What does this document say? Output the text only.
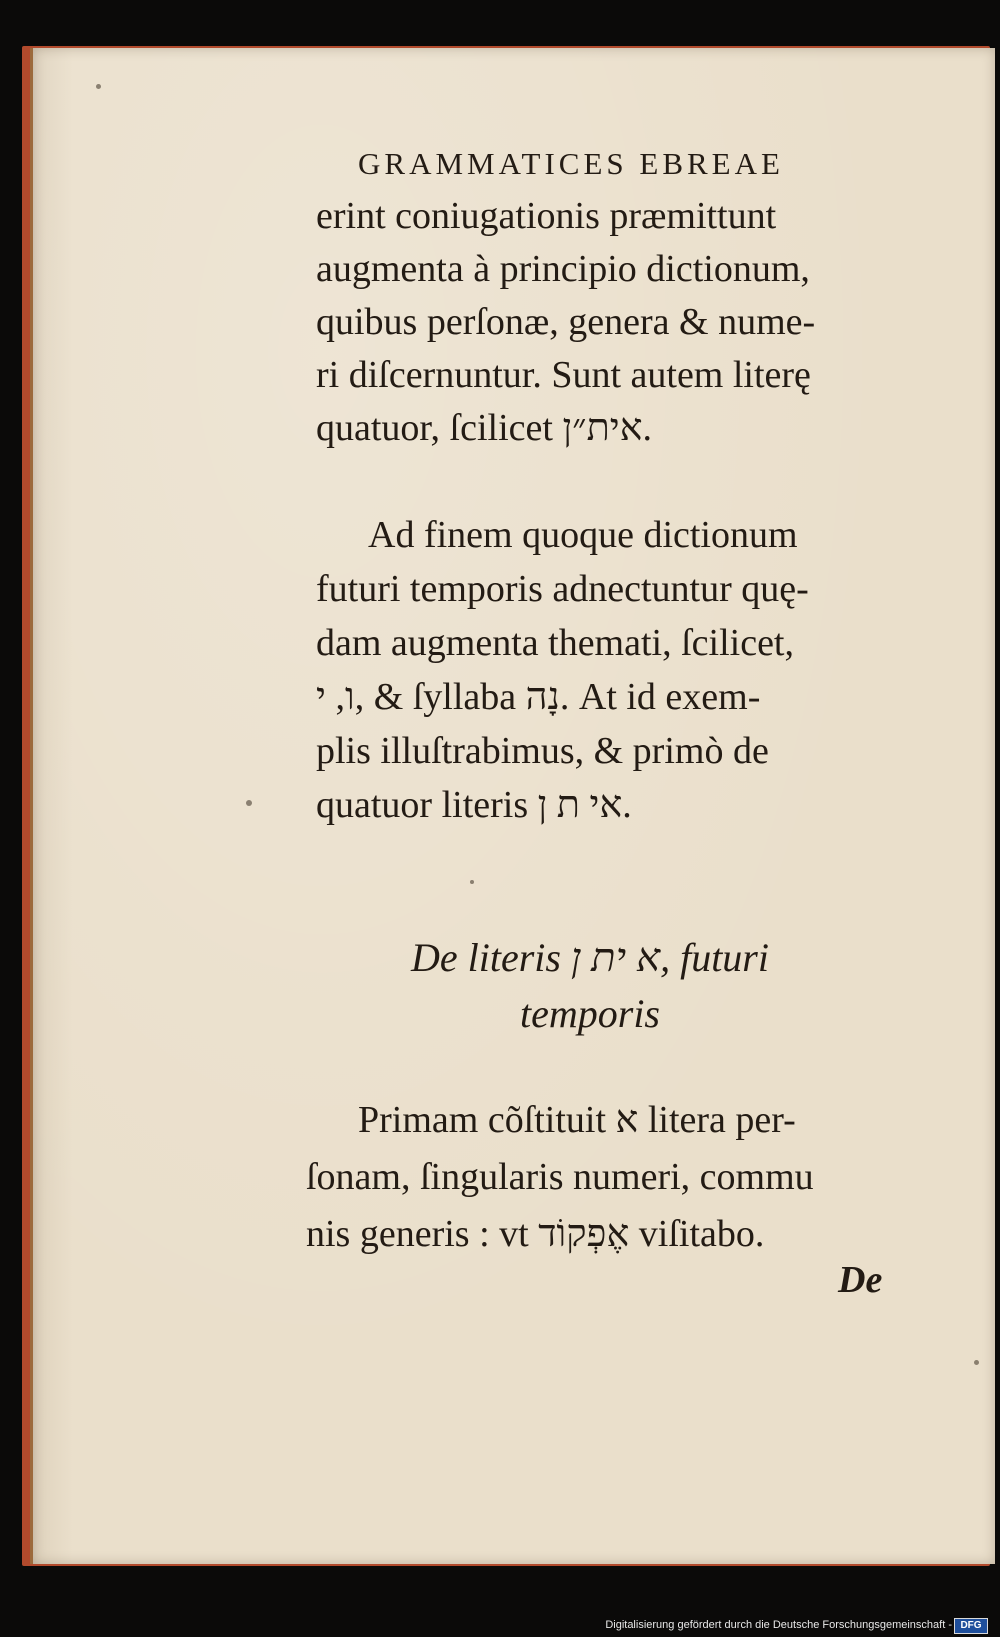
GRAMMATICES EBREAE
erint coniugationis præmittunt
augmenta à principio dictionum,
quibus perſonæ, genera & nume-
ri diſcernuntur. Sunt autem literę
quatuor, ſcilicet אית״ן.
Ad finem quoque dictionum
futuri temporis adnectuntur quę-
dam augmenta themati, ſcilicet,
ו, י, & ſyllaba נָה. At id exem-
plis illuſtrabimus, & primò de
quatuor literis אי ת ן.
De literis א ית ן, futuri
temporis
Primam cõſtituit א litera per-
ſonam, ſingularis numeri, commu
nis generis : vt אֶפְקוֹד viſitabo.
De
Digitalisierung gefördert durch die Deutsche Forschungsgemeinschaft - DFG
